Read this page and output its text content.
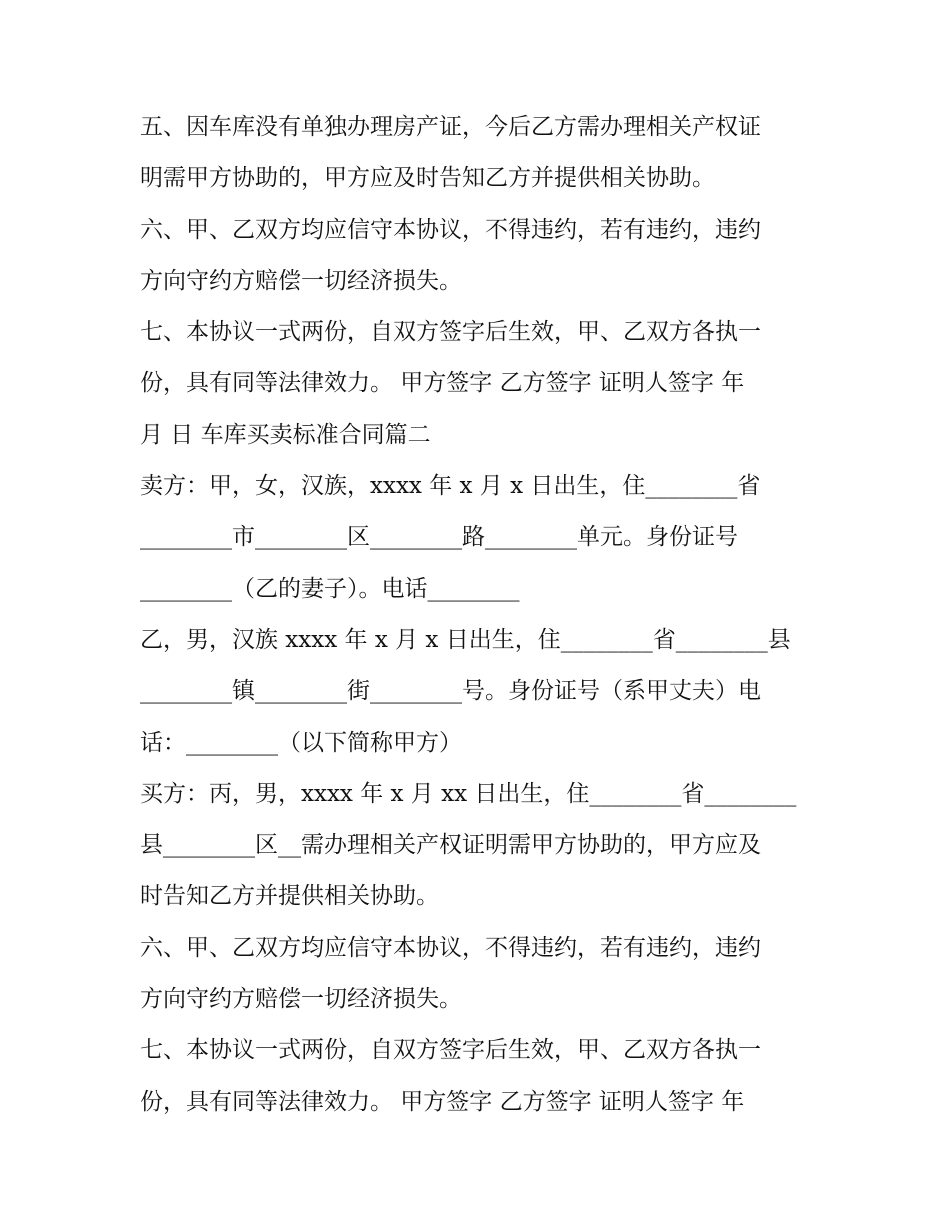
五、因车库没有单独办理房产证，今后乙方需办理相关产权证
明需甲方协助的，甲方应及时告知乙方并提供相关协助。
六、甲、乙双方均应信守本协议，不得违约，若有违约，违约
方向守约方赔偿一切经济损失。
七、本协议一式两份，自双方签字后生效，甲、乙双方各执一
份，具有同等法律效力。 甲方签字 乙方签字 证明人签字 年
月 日 车库买卖标准合同篇二
卖方：甲，女，汉族，xxxx 年 x 月 x 日出生，住________省
________市________区________路________单元。身份证号
________（乙的妻子）。电话________
乙，男，汉族 xxxx 年 x 月 x 日出生，住________省________县
________镇________街________号。身份证号（系甲丈夫）电
话：________（以下简称甲方）
买方：丙，男，xxxx 年 x 月 xx 日出生，住________省________
县________区__需办理相关产权证明需甲方协助的，甲方应及
时告知乙方并提供相关协助。
六、甲、乙双方均应信守本协议，不得违约，若有违约，违约
方向守约方赔偿一切经济损失。
七、本协议一式两份，自双方签字后生效，甲、乙双方各执一
份，具有同等法律效力。 甲方签字 乙方签字 证明人签字 年
